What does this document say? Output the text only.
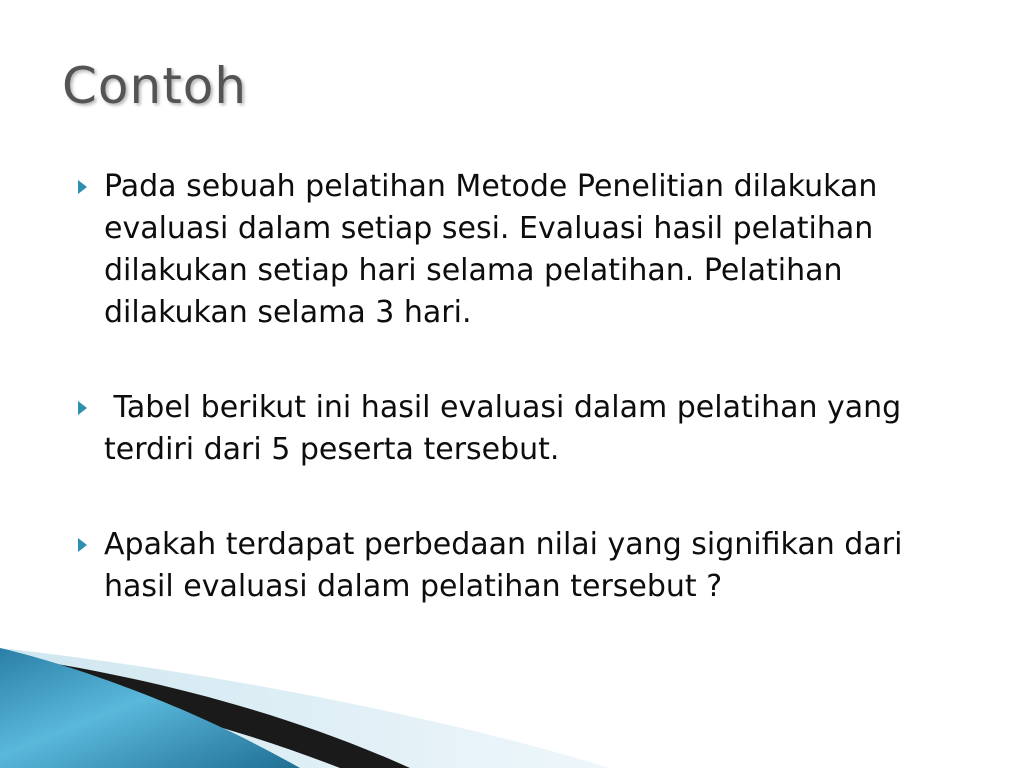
Contoh
Pada sebuah pelatihan Metode Penelitian dilakukan evaluasi dalam setiap sesi. Evaluasi hasil pelatihan dilakukan setiap hari selama pelatihan. Pelatihan dilakukan selama 3 hari.
Tabel berikut ini hasil evaluasi dalam pelatihan yang terdiri dari 5 peserta tersebut.
Apakah terdapat perbedaan nilai yang signifikan dari hasil evaluasi dalam pelatihan tersebut ?
